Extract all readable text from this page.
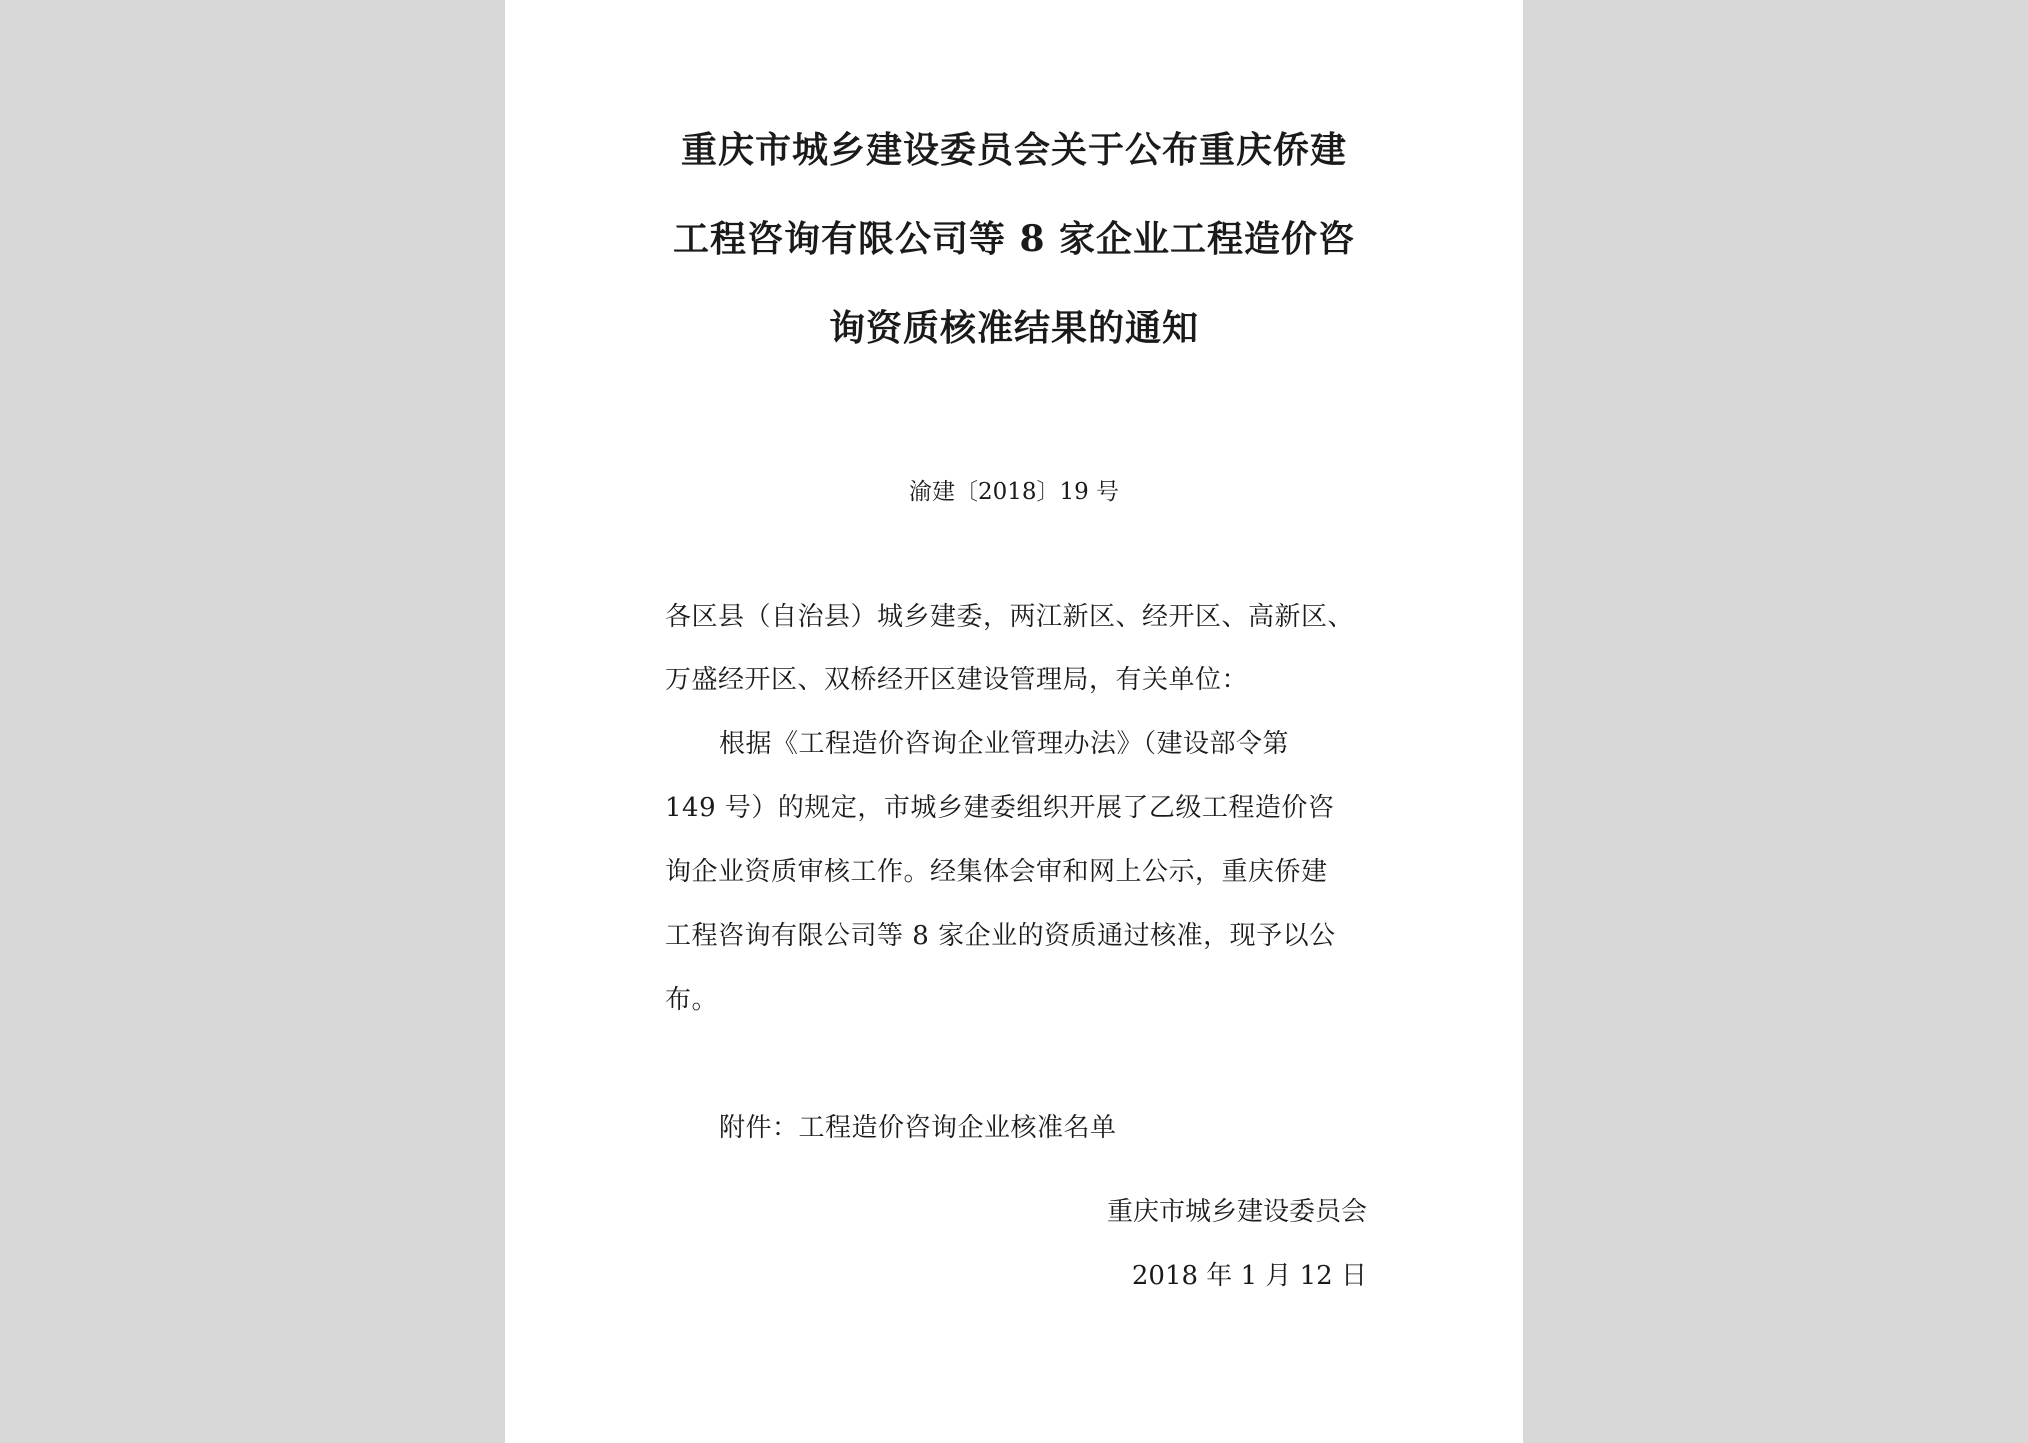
重庆市城乡建设委员会关于公布重庆侨建
工程咨询有限公司等 8 家企业工程造价咨
询资质核准结果的通知
渝建〔2018〕19 号
各区县（自治县）城乡建委，两江新区、经开区、高新区、
万盛经开区、双桥经开区建设管理局，有关单位：
根据《工程造价咨询企业管理办法》（建设部令第
149 号）的规定，市城乡建委组织开展了乙级工程造价咨
询企业资质审核工作。经集体会审和网上公示，重庆侨建
工程咨询有限公司等 8 家企业的资质通过核准，现予以公
布。
附件：工程造价咨询企业核准名单
重庆市城乡建设委员会
2018 年 1 月 12 日
